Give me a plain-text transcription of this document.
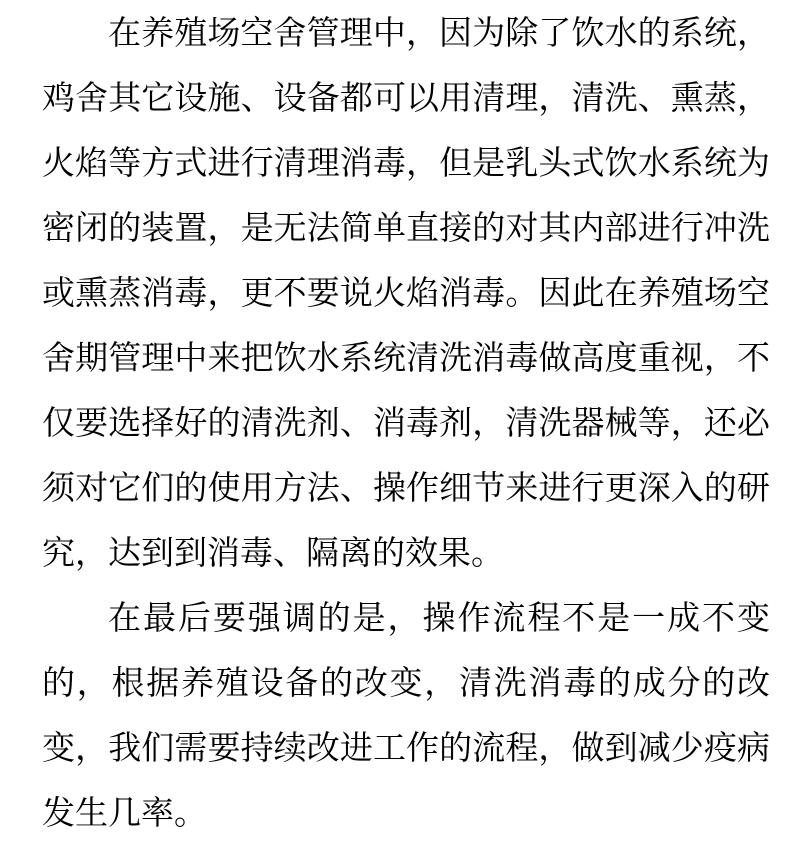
在养殖场空舍管理中，因为除了饮水的系统，
鸡舍其它设施、设备都可以用清理，清洗、熏蒸，
火焰等方式进行清理消毒，但是乳头式饮水系统为
密闭的装置，是无法简单直接的对其内部进行冲洗
或熏蒸消毒，更不要说火焰消毒。因此在养殖场空
舍期管理中来把饮水系统清洗消毒做高度重视，不
仅要选择好的清洗剂、消毒剂，清洗器械等，还必
须对它们的使用方法、操作细节来进行更深入的研
究，达到到消毒、隔离的效果。
在最后要强调的是，操作流程不是一成不变
的，根据养殖设备的改变，清洗消毒的成分的改
变，我们需要持续改进工作的流程，做到减少疫病
发生几率。
